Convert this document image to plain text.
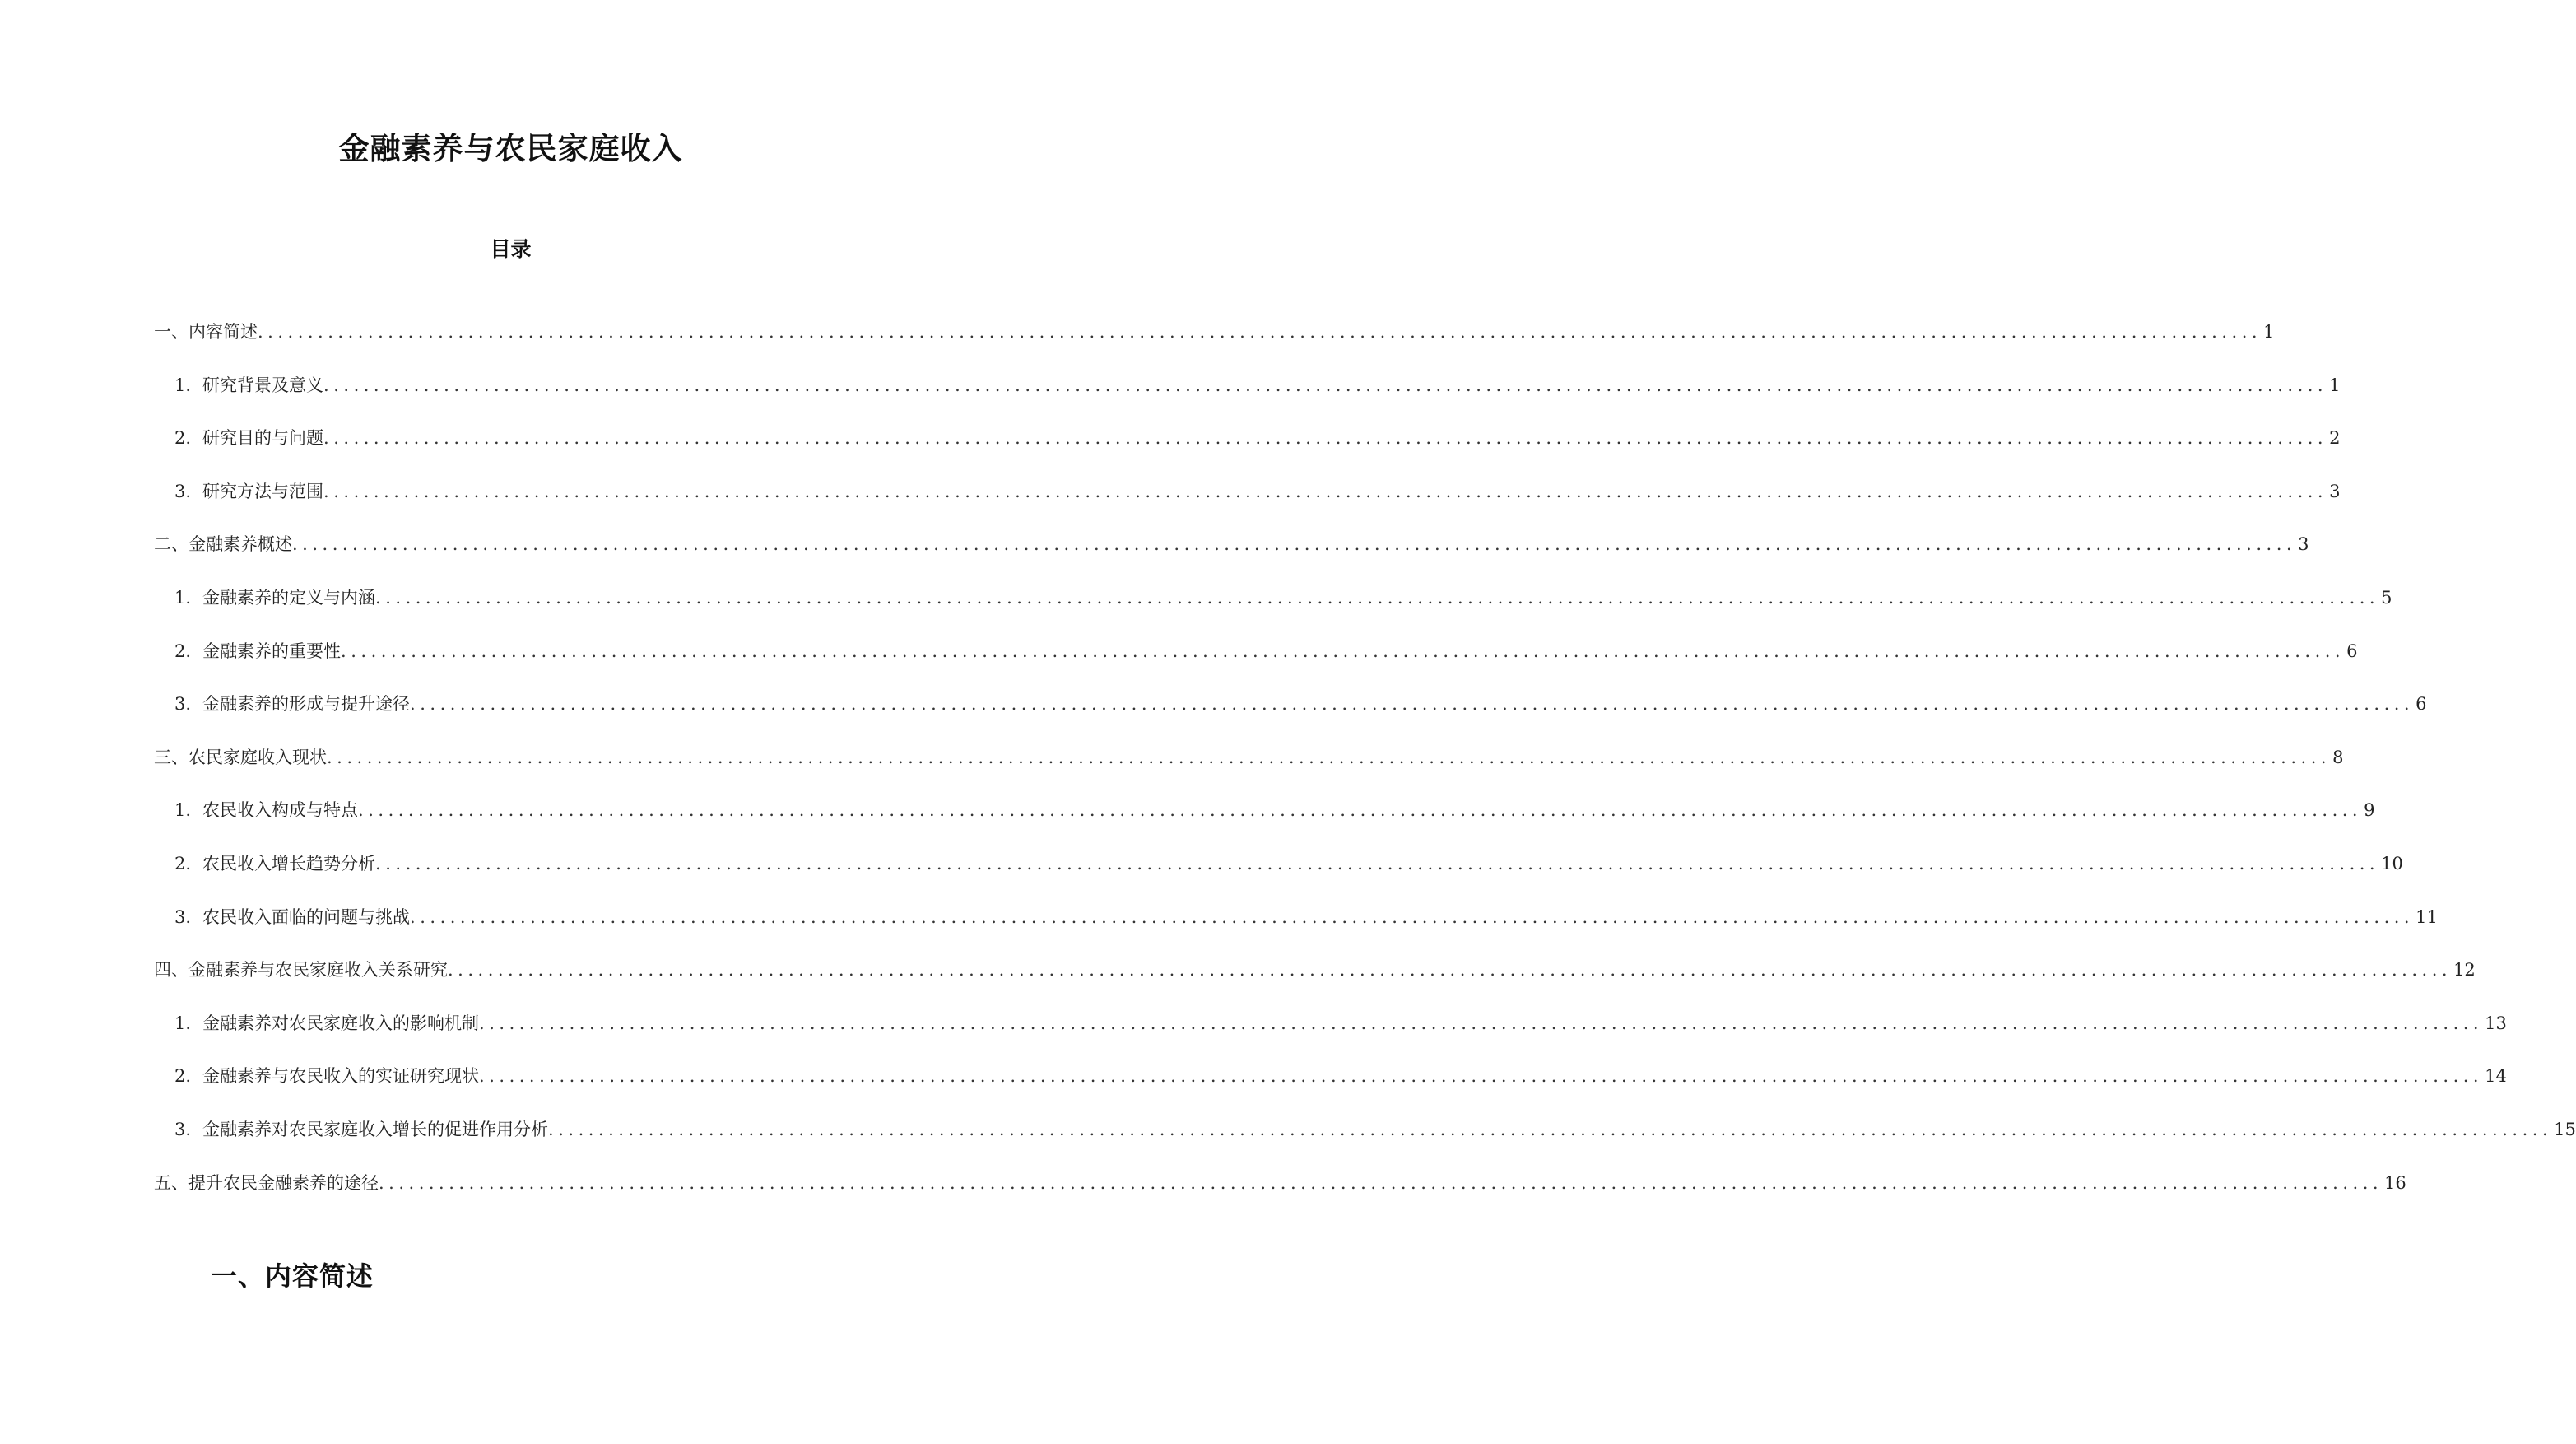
金融素养与农民家庭收入
目录
一、内容简述 ........................................................................................................................................................................................................ 1
1. 研究背景及意义 ........................................................................................................................................................................................................ 1
2. 研究目的与问题 ........................................................................................................................................................................................................ 2
3. 研究方法与范围 ........................................................................................................................................................................................................ 3
二、金融素养概述 ........................................................................................................................................................................................................ 3
1. 金融素养的定义与内涵 ........................................................................................................................................................................................................ 5
2. 金融素养的重要性 ........................................................................................................................................................................................................ 6
3. 金融素养的形成与提升途径 ........................................................................................................................................................................................................ 6
三、农民家庭收入现状 ........................................................................................................................................................................................................ 8
1. 农民收入构成与特点 ........................................................................................................................................................................................................ 9
2. 农民收入增长趋势分析 ........................................................................................................................................................................................................ 10
3. 农民收入面临的问题与挑战 ........................................................................................................................................................................................................ 11
四、金融素养与农民家庭收入关系研究 ........................................................................................................................................................................................................ 12
1. 金融素养对农民家庭收入的影响机制 ........................................................................................................................................................................................................ 13
2. 金融素养与农民收入的实证研究现状 ........................................................................................................................................................................................................ 14
3. 金融素养对农民家庭收入增长的促进作用分析 ........................................................................................................................................................................................................ 15
五、提升农民金融素养的途径 ........................................................................................................................................................................................................ 16
一、内容简述
